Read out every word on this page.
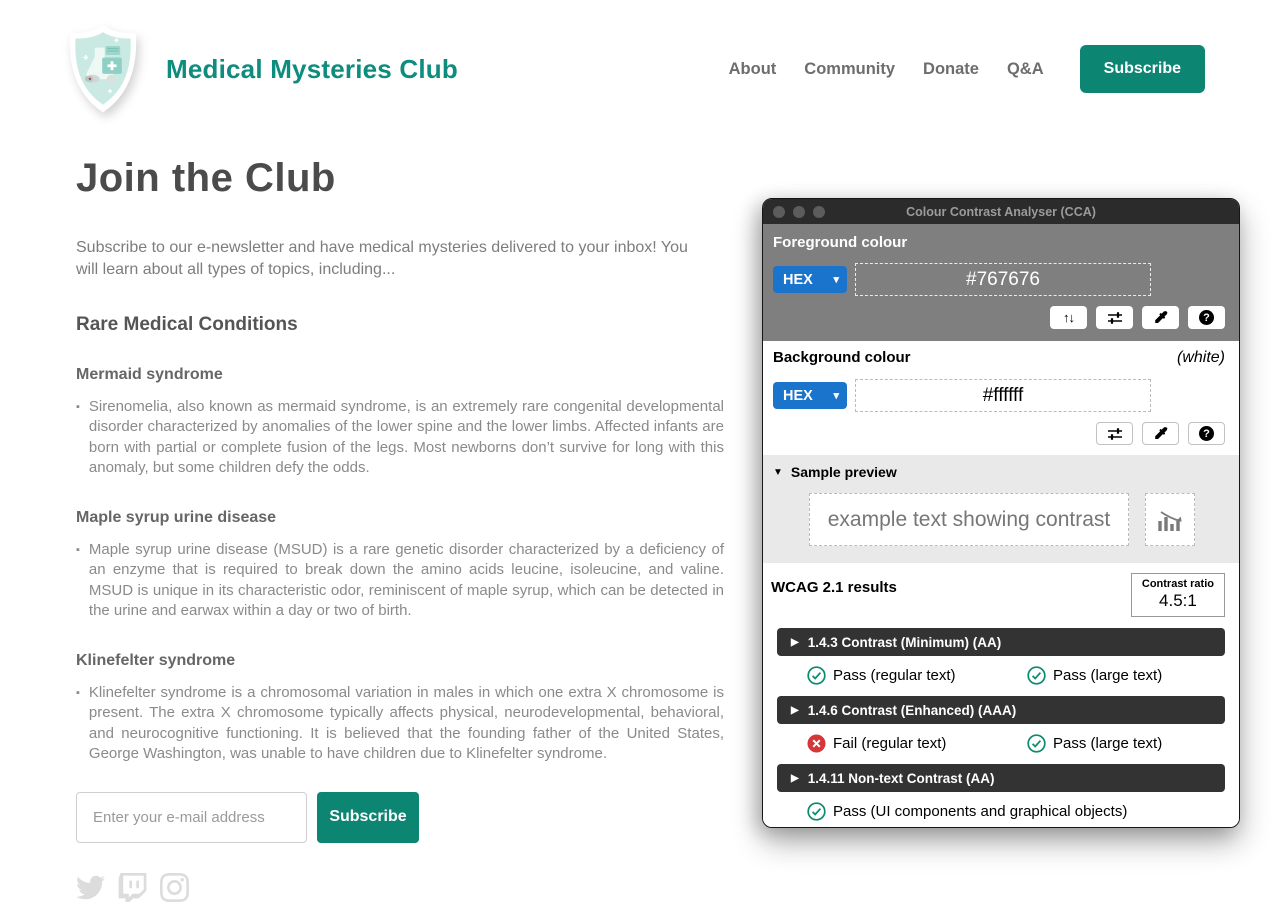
Medical Mysteries Club	About Community Donate Q&A	Subscribe
Join the Club

Subscribe to our e-newsletter and have medical mysteries delivered to your inbox! You will learn about all types of topics, including...

Rare Medical Conditions
Mermaid syndrome
▪ Sirenomelia, also known as mermaid syndrome, is an extremely rare congenital developmental disorder characterized by anomalies of the lower spine and the lower limbs. Affected infants are born with partial or complete fusion of the legs. Most newborns don’t survive for long with this anomaly, but some children defy the odds.

Maple syrup urine disease
▪ Maple syrup urine disease (MSUD) is a rare genetic disorder characterized by a deficiency of an enzyme that is required to break down the amino acids leucine, isoleucine, and valine. MSUD is unique in its characteristic odor, reminiscent of maple syrup, which can be detected in the urine and earwax within a day or two of birth.

Klinefelter syndrome
▪ Klinefelter syndrome is a chromosomal variation in males in which one extra X chromosome is present. The extra X chromosome typically affects physical, neurodevelopmental, behavioral, and neurocognitive functioning. It is believed that the founding father of the United States, George Washington, was unable to have children due to Klinefelter syndrome.

Enter your e-mail address
Subscribe
Colour Contrast Analyser (CCA)
Foreground colour
HEX ▾
#767676
↑↓	?
Background colour	(white)
HEX ▾
#ffffff
?
▼ Sample preview
example text showing contrast
WCAG 2.1 results	Contrast ratio
4.5:1
▶ 1.4.3 Contrast (Minimum) (AA)
Pass (regular text)	Pass (large text)
▶ 1.4.6 Contrast (Enhanced) (AAA)
Fail (regular text)	Pass (large text)
▶ 1.4.11 Non-text Contrast (AA)
Pass (UI components and graphical objects)
